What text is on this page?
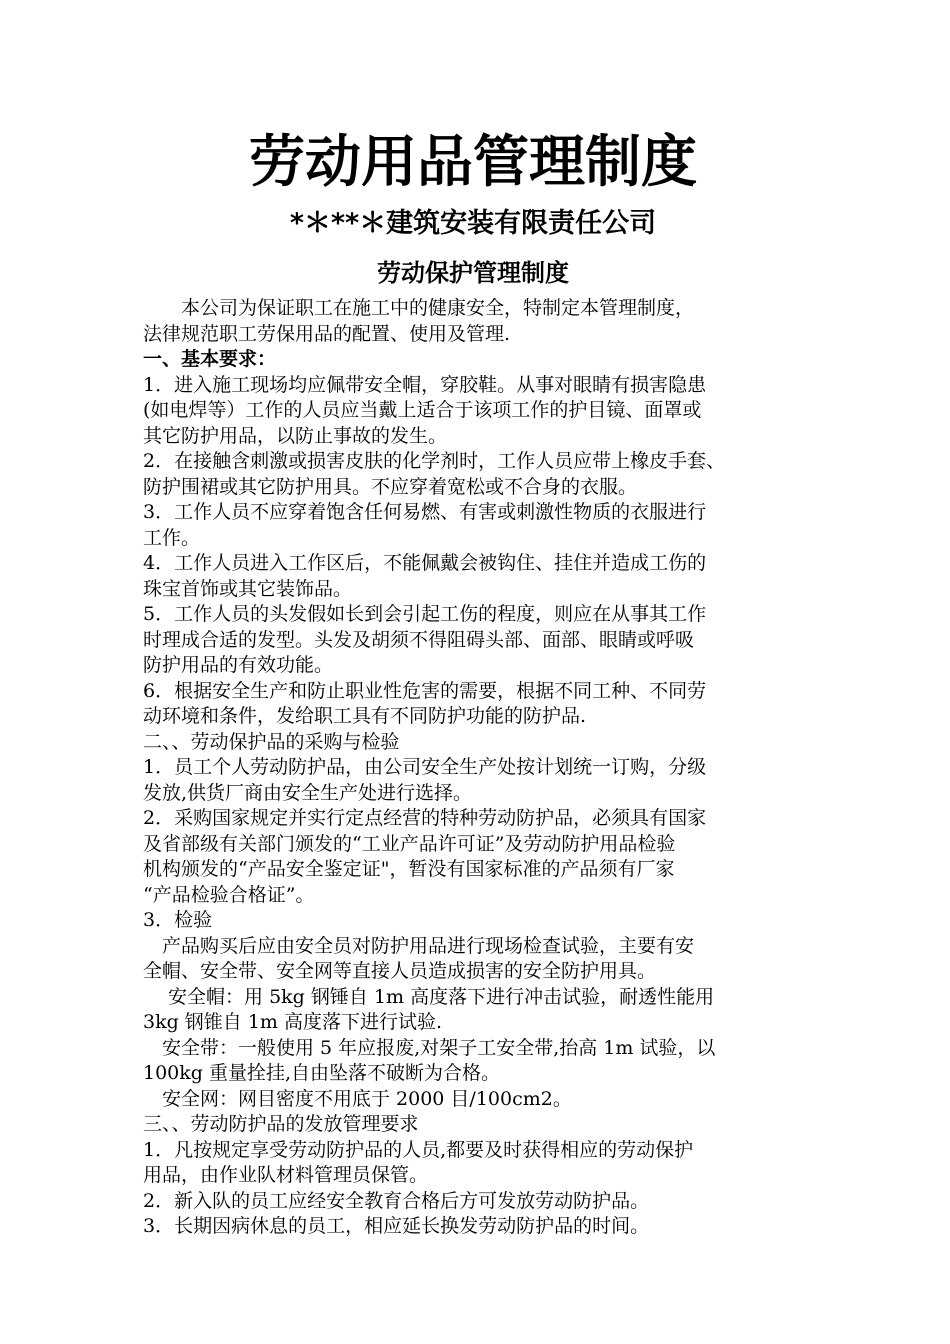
劳动用品管理制度
*＊**＊建筑安装有限责任公司
劳动保护管理制度

　　本公司为保证职工在施工中的健康安全，特制定本管理制度，

法律规范职工劳保用品的配置、使用及管理.

一、基本要求：

1．进入施工现场均应佩带安全帽，穿胶鞋。从事对眼睛有损害隐患

(如电焊等）工作的人员应当戴上适合于该项工作的护目镜、面罩或

其它防护用品，以防止事故的发生。

2．在接触含刺激或损害皮肤的化学剂时，工作人员应带上橡皮手套、

防护围裙或其它防护用具。不应穿着宽松或不合身的衣服。

3．工作人员不应穿着饱含任何易燃、有害或刺激性物质的衣服进行

工作。

4．工作人员进入工作区后，不能佩戴会被钩住、挂住并造成工伤的

珠宝首饰或其它装饰品。

5．工作人员的头发假如长到会引起工伤的程度，则应在从事其工作

时理成合适的发型。头发及胡须不得阻碍头部、面部、眼睛或呼吸

防护用品的有效功能。

6．根据安全生产和防止职业性危害的需要，根据不同工种、不同劳

动环境和条件，发给职工具有不同防护功能的防护品.

二、、劳动保护品的采购与检验

1．员工个人劳动防护品，由公司安全生产处按计划统一订购，分级

发放,供货厂商由安全生产处进行选择。

2．采购国家规定并实行定点经营的特种劳动防护品，必须具有国家

及省部级有关部门颁发的“工业产品许可证”及劳动防护用品检验

机构颁发的“产品安全鉴定证"，暂没有国家标准的产品须有厂家

“产品检验合格证”。

3．检验

　产品购买后应由安全员对防护用品进行现场检查试验，主要有安

全帽、安全带、安全网等直接人员造成损害的安全防护用具。

　 安全帽：用 5kg 钢锤自 1m 高度落下进行冲击试验，耐透性能用

3kg 钢锥自 1m 高度落下进行试验.

　安全带：一般使用 5 年应报废,对架子工安全带,抬高 1m 试验，以

100kg 重量拴挂,自由坠落不破断为合格。

　安全网：网目密度不用底于 2000 目/100cm2。

三、、劳动防护品的发放管理要求

1．凡按规定享受劳动防护品的人员,都要及时获得相应的劳动保护

用品，由作业队材料管理员保管。

2．新入队的员工应经安全教育合格后方可发放劳动防护品。

3．长期因病休息的员工，相应延长换发劳动防护品的时间。
